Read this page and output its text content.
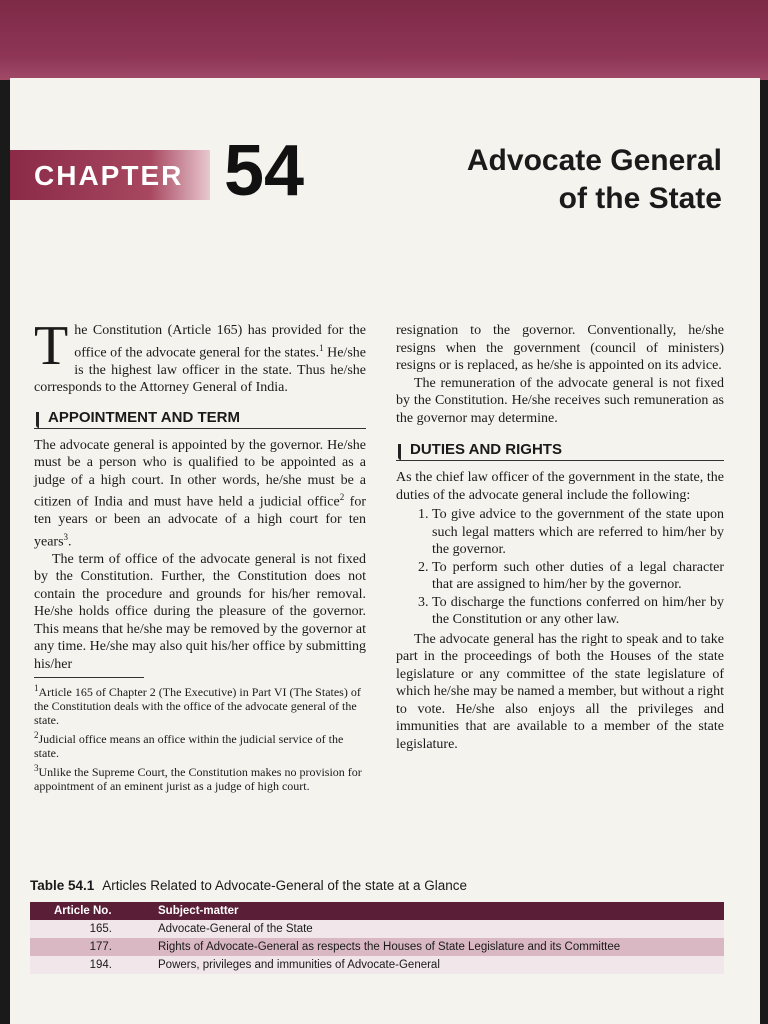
CHAPTER 54	Advocate General
of the State

The Constitution (Article 165) has provided for the office of the advocate general for the states.$^1$ He/she is the highest law officer in the state. Thus he/she corresponds to the Attorney General of India.

APPOINTMENT AND TERM

The advocate general is appointed by the governor. He/she must be a person who is qualified to be appointed as a judge of a high court. In other words, he/she must be a citizen of India and must have held a judicial office$^2$ for ten years or been an advocate of a high court for ten years$^3$.

The term of office of the advocate general is not fixed by the Constitution. Further, the Constitution does not contain the procedure and grounds for his/her removal. He/she holds office during the pleasure of the governor. This means that he/she may be removed by the governor at any time. He/she may also quit his/her office by submitting his/her

$^1$Article 165 of Chapter 2 (The Executive) in Part VI (The States) of the Constitution deals with the office of the advocate general of the state.
$^2$Judicial office means an office within the judicial service of the state.
$^3$Unlike the Supreme Court, the Constitution makes no provision for appointment of an eminent jurist as a judge of high court.

resignation to the governor. Conventionally, he/she resigns when the government (council of ministers) resigns or is replaced, as he/she is appointed on its advice.

The remuneration of the advocate general is not fixed by the Constitution. He/she receives such remuneration as the governor may determine.

DUTIES AND RIGHTS

As the chief law officer of the government in the state, the duties of the advocate general include the following:

1. To give advice to the government of the state upon such legal matters which are referred to him/her by the governor.
2. To perform such other duties of a legal character that are assigned to him/her by the governor.
3. To discharge the functions conferred on him/her by the Constitution or any other law.

The advocate general has the right to speak and to take part in the proceedings of both the Houses of the state legislature or any committee of the state legislature of which he/she may be named a member, but without a right to vote. He/she also enjoys all the privileges and immunities that are available to a member of the state legislature.

Table 54.1 Articles Related to Advocate-General of the state at a Glance
Article No.	Subject-matter
165.	Advocate-General of the State
177.	Rights of Advocate-General as respects the Houses of State Legislature and its Committee
194.	Powers, privileges and immunities of Advocate-General
